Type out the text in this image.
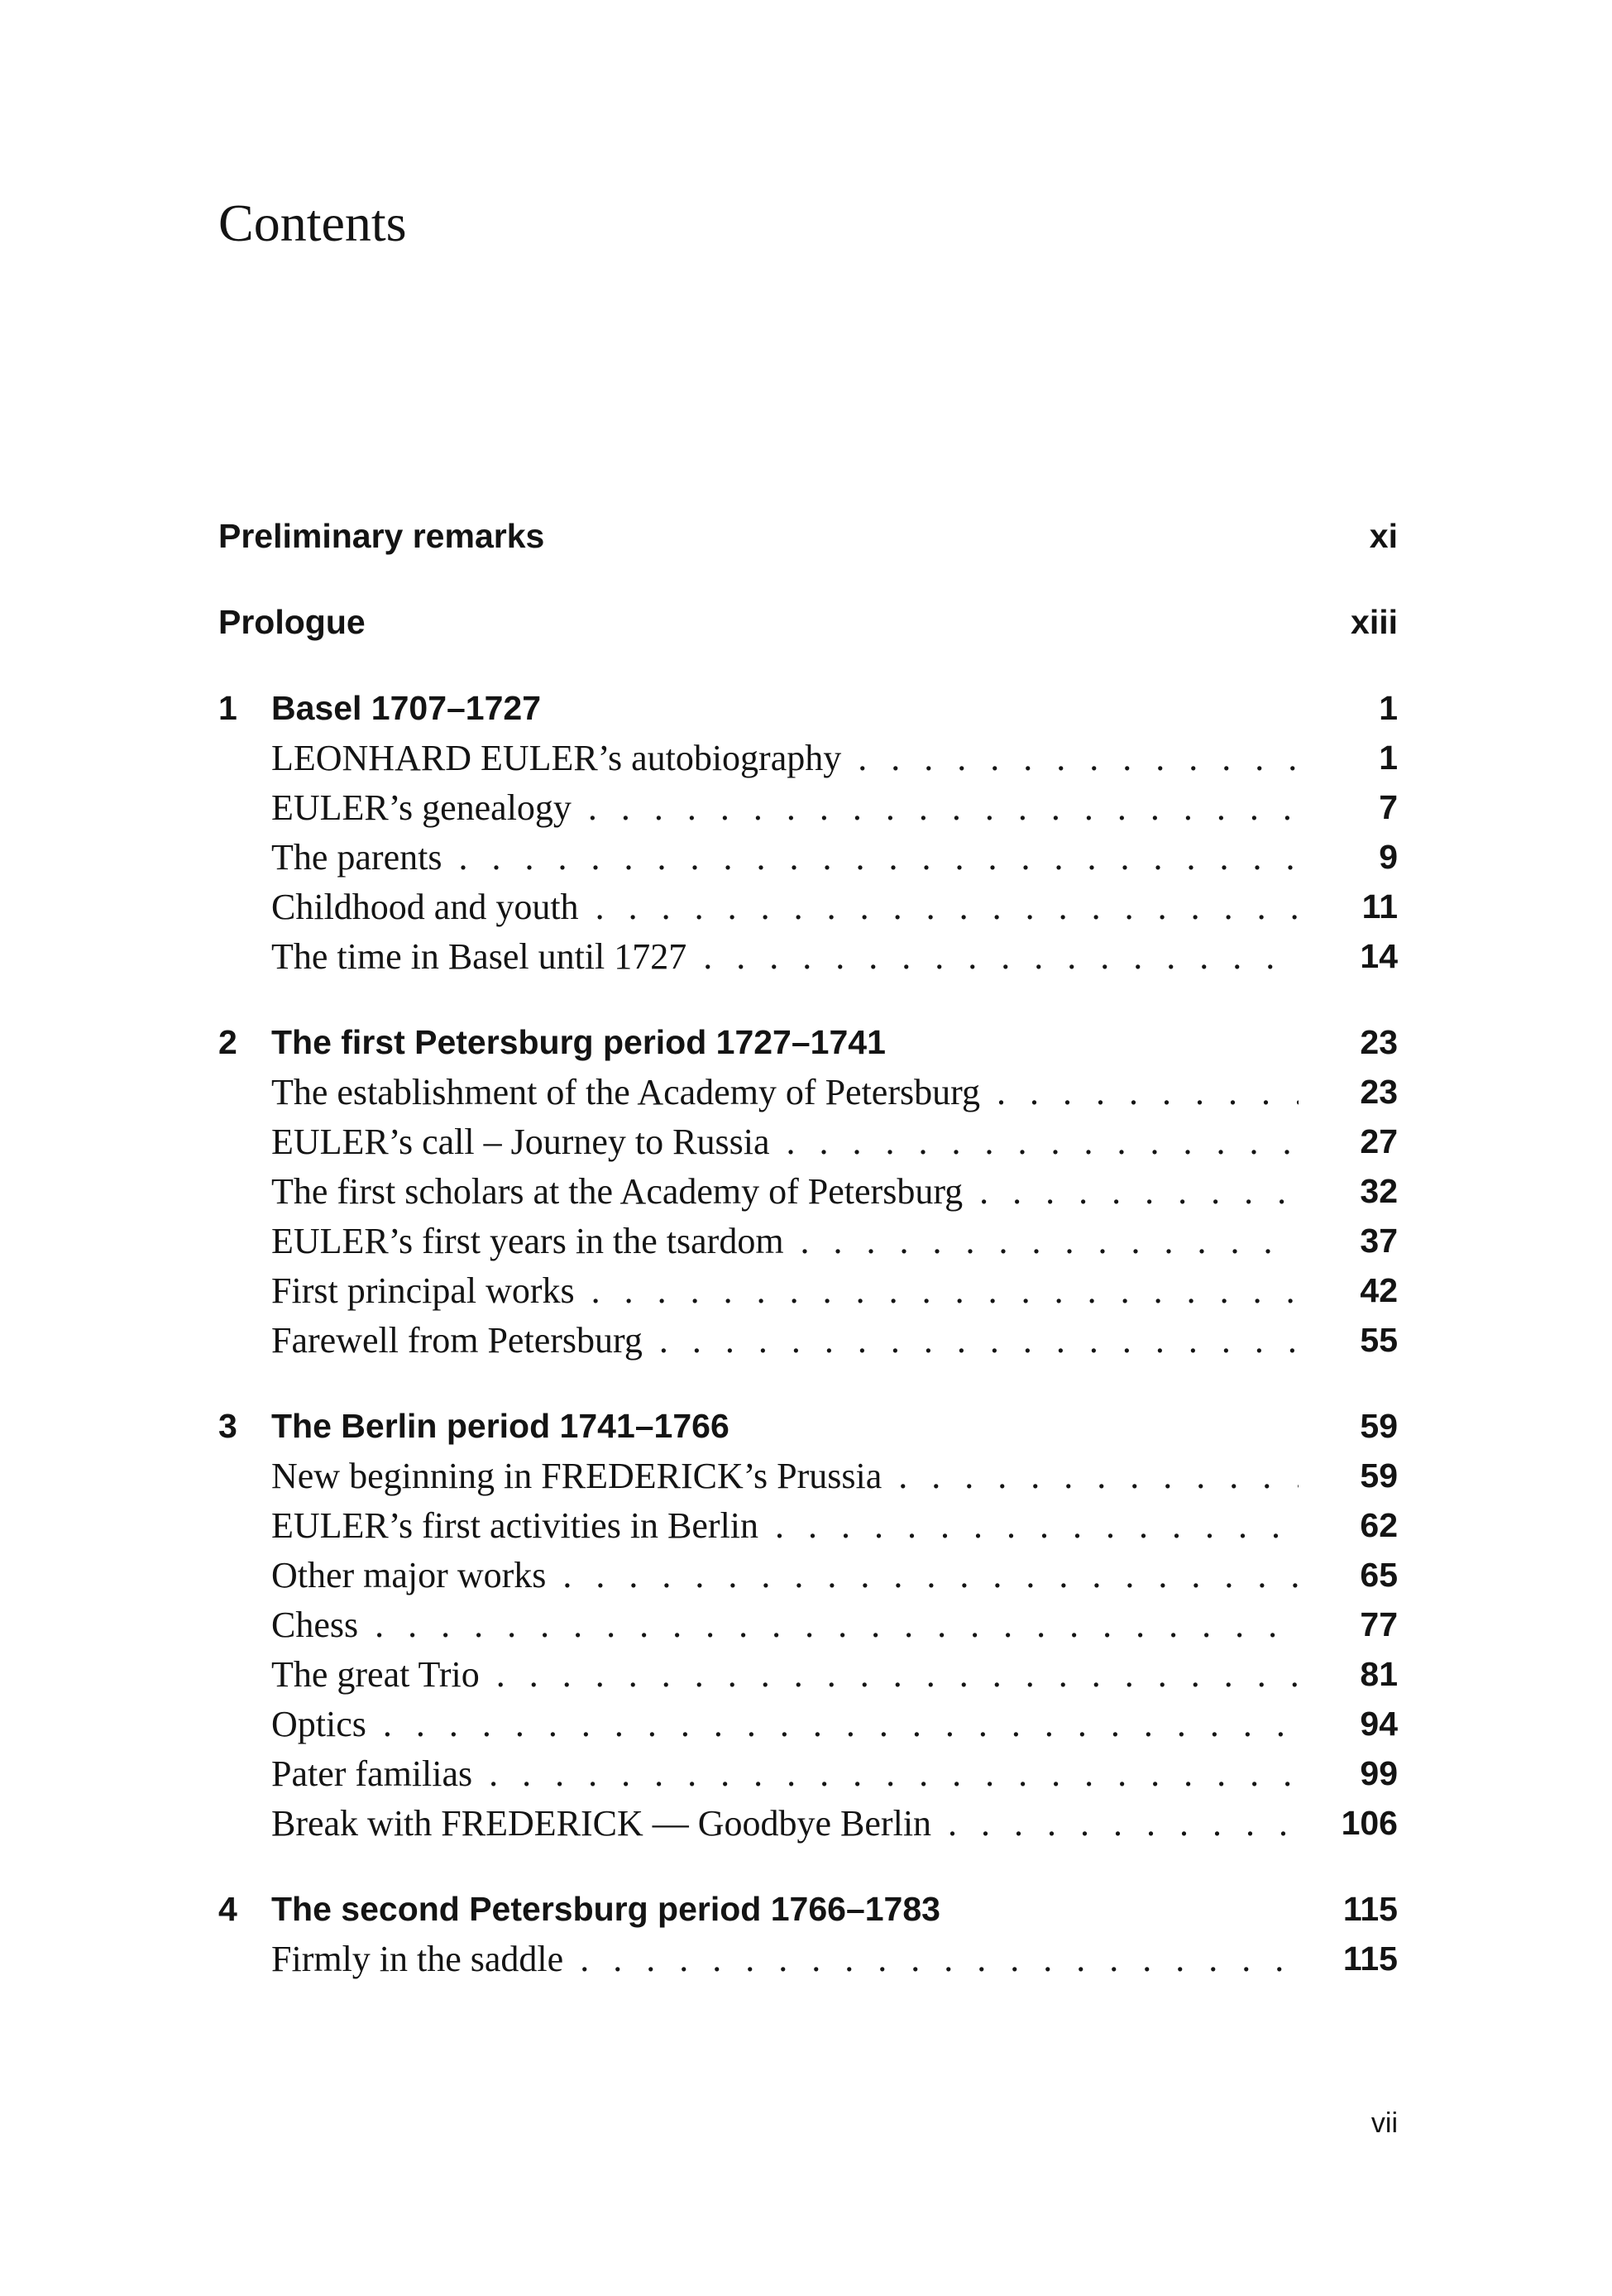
Contents
Preliminary remarks	xi
Prologue	xiii
1	Basel 1707–1727	1
LEONHARD EULER’s autobiography . . .	1
EULER’s genealogy . . .	7
The parents . . .	9
Childhood and youth . . .	11
The time in Basel until 1727 . . .	14
2	The first Petersburg period 1727–1741	23
The establishment of the Academy of Petersburg . . .	23
EULER’s call – Journey to Russia . . .	27
The first scholars at the Academy of Petersburg . . .	32
EULER’s first years in the tsardom . . .	37
First principal works . . .	42
Farewell from Petersburg . . .	55
3	The Berlin period 1741–1766	59
New beginning in FREDERICK’s Prussia . . .	59
EULER’s first activities in Berlin . . .	62
Other major works . . .	65
Chess . . .	77
The great Trio . . .	81
Optics . . .	94
Pater familias . . .	99
Break with FREDERICK — Goodbye Berlin . . .	106
4	The second Petersburg period 1766–1783	115
Firmly in the saddle . . .	115
vii
